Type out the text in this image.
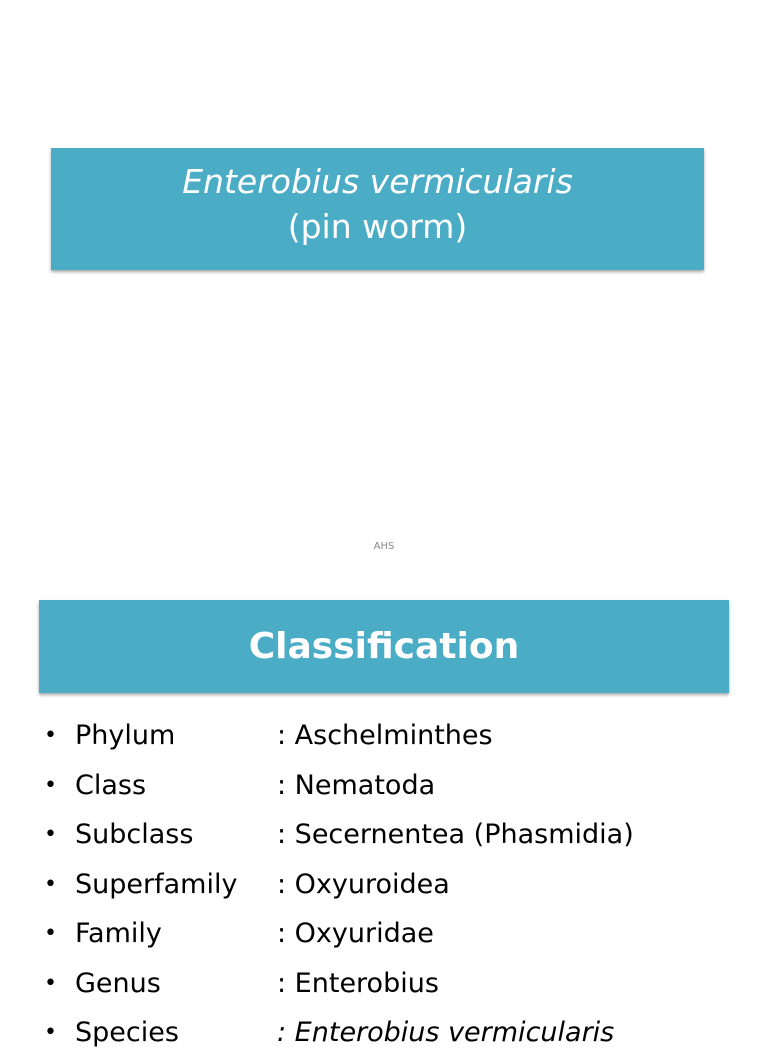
Enterobius vermicularis
(pin worm)
AHS
Classification
• Phylum	: Aschelminthes
• Class	: Nematoda
• Subclass	: Secernentea (Phasmidia)
• Superfamily	: Oxyuroidea
• Family	: Oxyuridae
• Genus	: Enterobius
• Species	: Enterobius vermicularis
